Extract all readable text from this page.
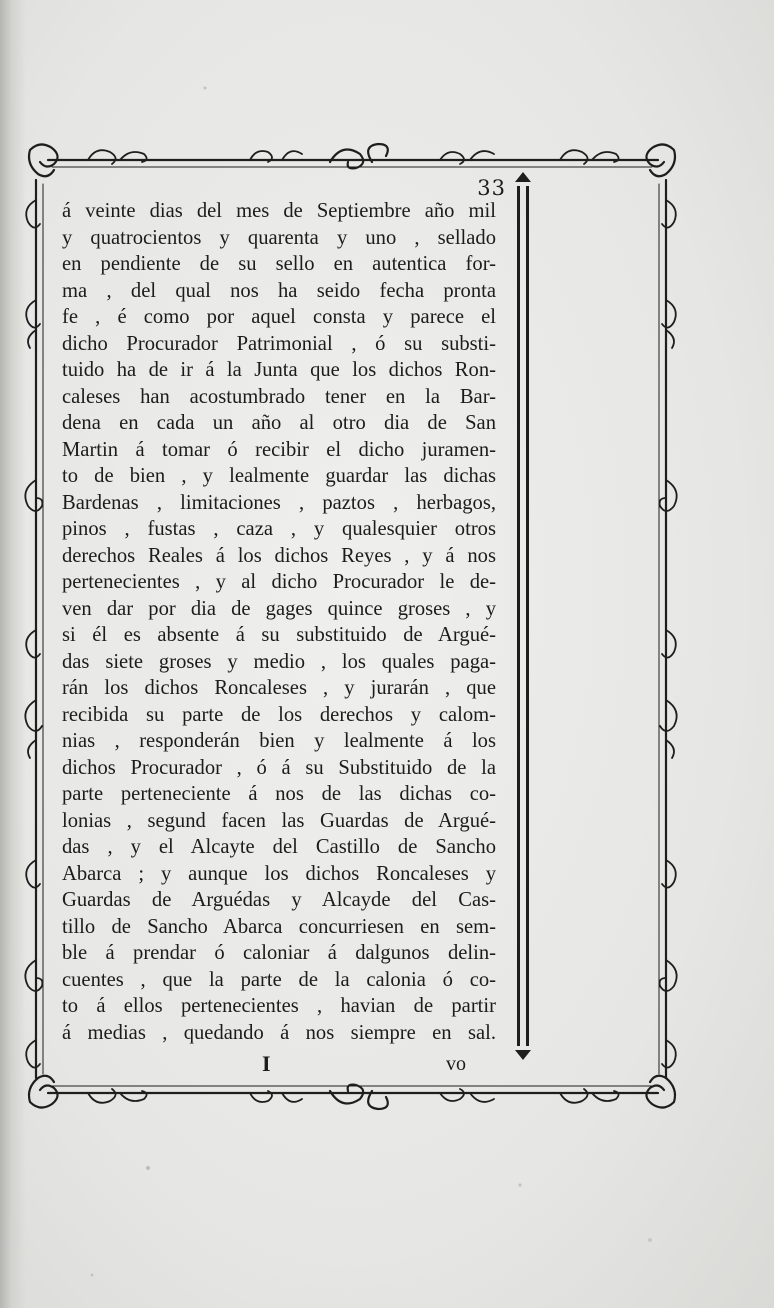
33

á veinte dias del mes de Septiembre año mil

y quatrocientos y quarenta y uno , sellado

en pendiente de su sello en autentica for-

ma , del qual nos ha seido fecha pronta

fe , é como por aquel consta y parece el

dicho Procurador Patrimonial , ó su substi-

tuido ha de ir á la Junta que los dichos Ron-

caleses han acostumbrado tener en la Bar-

dena en cada un año al otro dia de San

Martin á tomar ó recibir el dicho juramen-

to de bien , y lealmente guardar las dichas

Bardenas , limitaciones , paztos , herbagos,

pinos , fustas , caza , y qualesquier otros

derechos Reales á los dichos Reyes , y á nos

pertenecientes , y al dicho Procurador le de-

ven dar por dia de gages quince groses , y

si él es absente á su substituido de Argué-

das siete groses y medio , los quales paga-

rán los dichos Roncaleses , y jurarán , que

recibida su parte de los derechos y calom-

nias , responderán bien y lealmente á los

dichos Procurador , ó á su Substituido de la

parte perteneciente á nos de las dichas co-

lonias , segund facen las Guardas de Argué-

das , y el Alcayte del Castillo de Sancho

Abarca ; y aunque los dichos Roncaleses y

Guardas de Arguédas y Alcayde del Cas-

tillo de Sancho Abarca concurriesen en sem-

ble á prendar ó caloniar á dalgunos delin-

cuentes , que la parte de la calonia ó co-

to á ellos pertenecientes , havian de partir

á medias , quedando á nos siempre en sal.

I	vo
